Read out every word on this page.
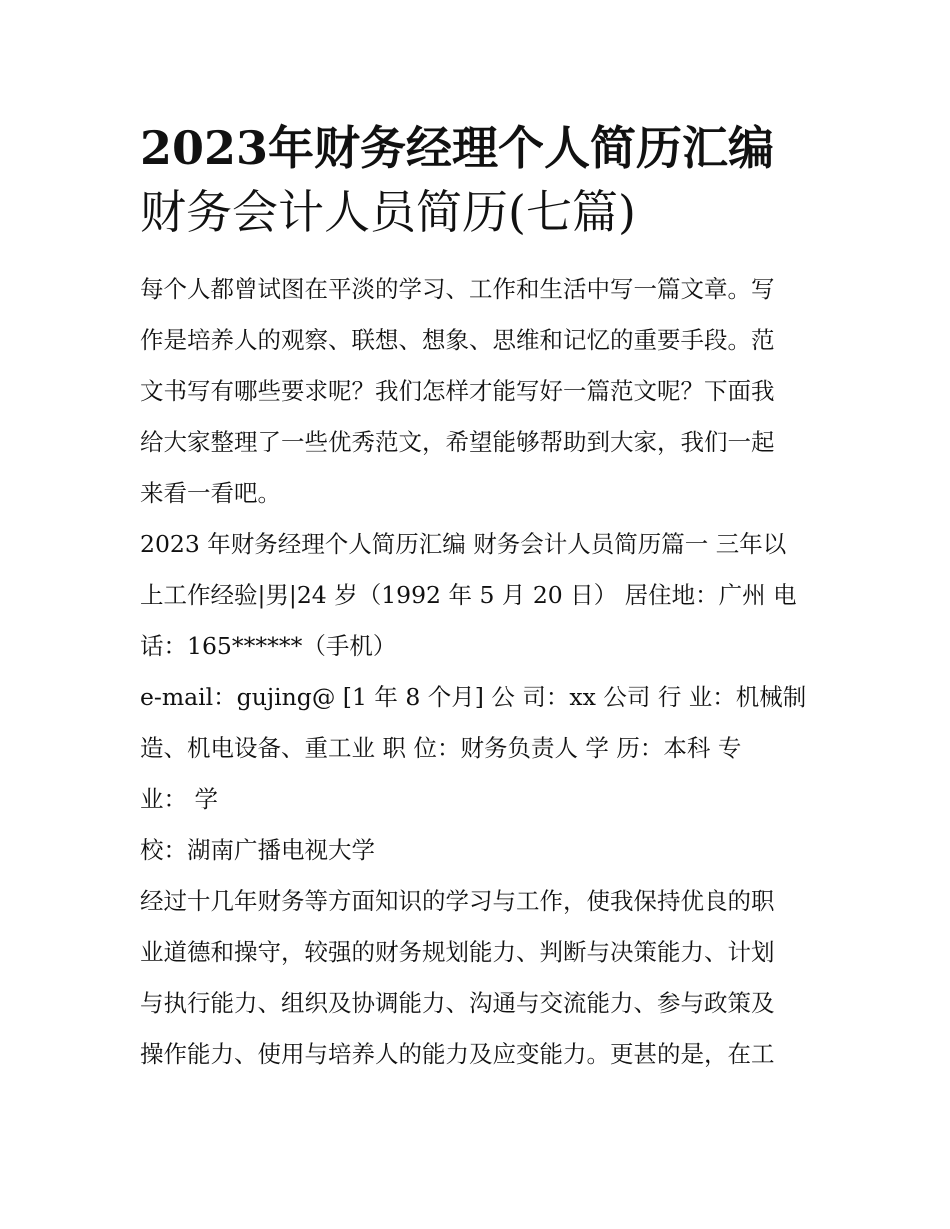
2023年财务经理个人简历汇编
财务会计人员简历(七篇)

每个人都曾试图在平淡的学习、工作和生活中写一篇文章。写
作是培养人的观察、联想、想象、思维和记忆的重要手段。范
文书写有哪些要求呢？我们怎样才能写好一篇范文呢？下面我
给大家整理了一些优秀范文，希望能够帮助到大家，我们一起
来看一看吧。

2023 年财务经理个人简历汇编 财务会计人员简历篇一 三年以
上工作经验|男|24 岁（1992 年 5 月 20 日） 居住地：广州 电
话：165******（手机）

e-mail：gujing@ [1 年 8 个月] 公 司：xx 公司 行 业：机械制
造、机电设备、重工业 职 位：财务负责人 学 历：本科 专
业： 学

校：湖南广播电视大学

经过十几年财务等方面知识的学习与工作，使我保持优良的职
业道德和操守，较强的财务规划能力、判断与决策能力、计划
与执行能力、组织及协调能力、沟通与交流能力、参与政策及
操作能力、使用与培养人的能力及应变能力。更甚的是，在工
